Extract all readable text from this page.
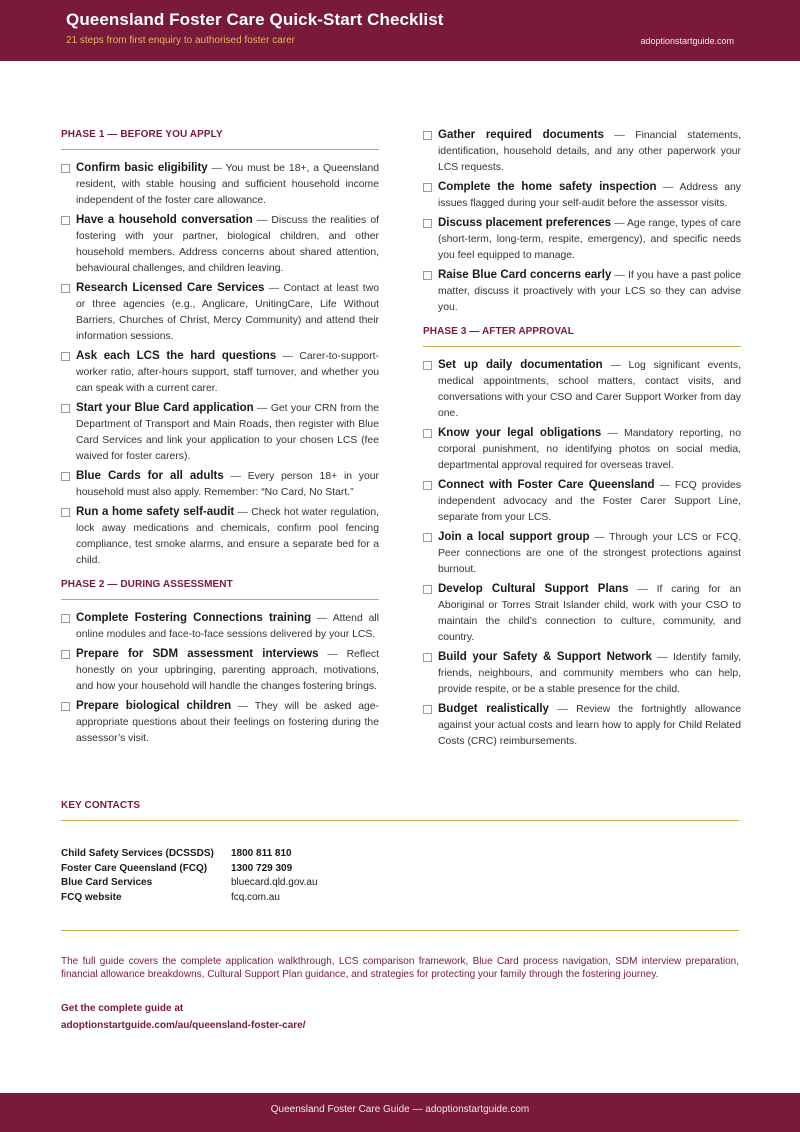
Queensland Foster Care Quick-Start Checklist
21 steps from first enquiry to authorised foster carer	adoptionstartguide.com
PHASE 1 — BEFORE YOU APPLY
Confirm basic eligibility — You must be 18+, a Queensland resident, with stable housing and sufficient household income independent of the foster care allowance.
Have a household conversation — Discuss the realities of fostering with your partner, biological children, and other household members. Address concerns about shared attention, behavioural challenges, and children leaving.
Research Licensed Care Services — Contact at least two or three agencies (e.g., Anglicare, UnitingCare, Life Without Barriers, Churches of Christ, Mercy Community) and attend their information sessions.
Ask each LCS the hard questions — Carer-to-support-worker ratio, after-hours support, staff turnover, and whether you can speak with a current carer.
Start your Blue Card application — Get your CRN from the Department of Transport and Main Roads, then register with Blue Card Services and link your application to your chosen LCS (fee waived for foster carers).
Blue Cards for all adults — Every person 18+ in your household must also apply. Remember: “No Card, No Start.”
Run a home safety self-audit — Check hot water regulation, lock away medications and chemicals, confirm pool fencing compliance, test smoke alarms, and ensure a separate bed for a child.
PHASE 2 — DURING ASSESSMENT
Complete Fostering Connections training — Attend all online modules and face-to-face sessions delivered by your LCS.
Prepare for SDM assessment interviews — Reflect honestly on your upbringing, parenting approach, motivations, and how your household will handle the changes fostering brings.
Prepare biological children — They will be asked age-appropriate questions about their feelings on fostering during the assessor’s visit.
Gather required documents — Financial statements, identification, household details, and any other paperwork your LCS requests.
Complete the home safety inspection — Address any issues flagged during your self-audit before the assessor visits.
Discuss placement preferences — Age range, types of care (short-term, long-term, respite, emergency), and specific needs you feel equipped to manage.
Raise Blue Card concerns early — If you have a past police matter, discuss it proactively with your LCS so they can advise you.
PHASE 3 — AFTER APPROVAL
Set up daily documentation — Log significant events, medical appointments, school matters, contact visits, and conversations with your CSO and Carer Support Worker from day one.
Know your legal obligations — Mandatory reporting, no corporal punishment, no identifying photos on social media, departmental approval required for overseas travel.
Connect with Foster Care Queensland — FCQ provides independent advocacy and the Foster Carer Support Line, separate from your LCS.
Join a local support group — Through your LCS or FCQ. Peer connections are one of the strongest protections against burnout.
Develop Cultural Support Plans — If caring for an Aboriginal or Torres Strait Islander child, work with your CSO to maintain the child’s connection to culture, community, and country.
Build your Safety & Support Network — Identify family, friends, neighbours, and community members who can help, provide respite, or be a stable presence for the child.
Budget realistically — Review the fortnightly allowance against your actual costs and learn how to apply for Child Related Costs (CRC) reimbursements.
KEY CONTACTS
Child Safety Services (DCSSDS)	1800 811 810
Foster Care Queensland (FCQ)	1300 729 309
Blue Card Services	bluecard.qld.gov.au
FCQ website	fcq.com.au
The full guide covers the complete application walkthrough, LCS comparison framework, Blue Card process navigation, SDM interview preparation, financial allowance breakdowns, Cultural Support Plan guidance, and strategies for protecting your family through the fostering journey.
Get the complete guide at
adoptionstartguide.com/au/queensland-foster-care/
Queensland Foster Care Guide — adoptionstartguide.com
